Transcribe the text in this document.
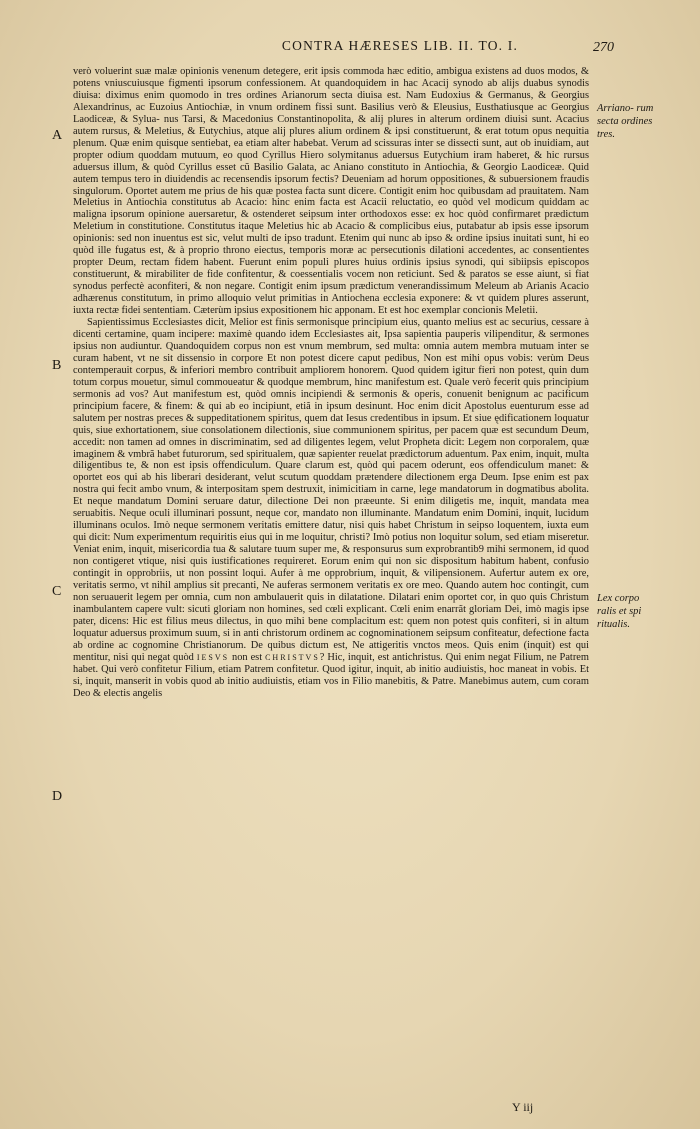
CONTRA HÆRESES LIB. II. TO. I.	270
A
B
C
D
Arriano- rum secta ordines tres.
Lex corpo ralis et spi ritualis.

verò voluerint suæ malæ opinionis venenum detegere, erit ipsis commoda hæc editio, ambigua existens ad duos modos, & potens vniuscuiusque figmenti ipsorum confessionem. At quandoquidem in hac Acacij synodo ab alijs duabus synodis diuisa: diximus enim quomodo in tres ordines Arianorum secta diuisa est. Nam Eudoxius & Germanus, & Georgius Alexandrinus, ac Euzoius Antiochiæ, in vnum ordinem fissi sunt. Basilius verò & Eleusius, Eusthatiusque ac Georgius Laodiceæ, & Sylua- nus Tarsi, & Macedonius Constantinopolita, & alij plures in alterum ordinem diuisi sunt. Acacius autem rursus, & Meletius, & Eutychius, atque alij plures alium ordinem & ipsi constituerunt, & erat totum opus nequitia plenum. Quæ enim quisque sentiebat, ea etiam alter habebat. Verum ad scissuras inter se dissecti sunt, aut ob inuidiam, aut propter odium quoddam mutuum, eo quod Cyrillus Hiero solymitanus aduersus Eutychium iram haberet, & hic rursus aduersus illum, & quòd Cyrillus esset cũ Basilio Galata, ac Aniano constituto in Antiochia, & Georgio Laodiceæ. Quid autem tempus tero in diuidendis ac recensendis ipsorum fectis? Deueniam ad horum oppositiones, & subuersionem fraudis singulorum. Oportet autem me prius de his quæ postea facta sunt dicere. Contigit enim hoc quibusdam ad prauitatem. Nam Meletius in Antiochia constitutus ab Acacio: hinc enim facta est Acacii reluctatio, eo quòd vel modicum quiddam ac maligna ipsorum opinione auersaretur, & ostenderet seipsum inter orthodoxos esse: ex hoc quòd confirmaret prædictum Meletium in constitutione. Constitutus itaque Meletius hic ab Acacio & complicibus eius, putabatur ab ipsis esse ipsorum opinionis: sed non inuentus est sic, velut multi de ipso tradunt. Etenim qui nunc ab ipso & ordine ipsius inuitati sunt, hi eo quòd ille fugatus est, & à proprio throno eiectus, temporis moræ ac persecutionis dilationi accedentes, ac consentientes propter Deum, rectam fidem habent. Fuerunt enim populi plures huius ordinis ipsius synodi, qui sibiipsis episcopos constituerunt, & mirabiliter de fide confitentur, & coessentialis vocem non reticiunt. Sed & paratos se esse aiunt, si fiat synodus perfectè aconfiteri, & non negare. Contigit enim ipsum prædictum venerandissimum Meleum ab Arianis Acacio adhærenus constitutum, in primo alloquio velut primitias in Antiochena ecclesia exponere: & vt quidem plures asserunt, iuxta rectæ fidei sententiam. Cæterùm ipsius expositionem hic apponam. Et est hoc exemplar concionis Meletii.

Sapientissimus Ecclesiastes dicit, Melior est finis sermonisque principium eius, quanto melius est ac securius, cessare à dicenti certamine, quam incipere: maximè quando idem Ecclesiastes ait, Ipsa sapientia pauperis vilipenditur, & sermones ipsius non audiuntur. Quandoquidem corpus non est vnum membrum, sed multa: omnia autem membra mutuam inter se curam habent, vt ne sit dissensio in corpore Et non potest dicere caput pedibus, Non est mihi opus vobis: verùm Deus contemperauit corpus, & inferiori membro contribuit ampliorem honorem. Quod quidem igitur fieri non potest, quin dum totum corpus mouetur, simul commoueatur & quodque membrum, hinc manifestum est. Quale verò fecerit quis principium sermonis ad vos? Aut manifestum est, quòd omnis incipiendi & sermonis & operis, conuenit benignum ac pacificum principium facere, & finem: & qui ab eo incipiunt, etiã in ipsum desinunt. Hoc enim dicit Apostolus euenturum esse ad salutem per nostras preces & suppeditationem spiritus, quem dat Iesus credentibus in ipsum. Et siue ędificationem loquatur quis, siue exhortationem, siue consolationem dilectionis, siue communionem spiritus, per pacem quæ est secundum Deum, accedit: non tamen ad omnes in discriminatim, sed ad diligentes legem, velut Propheta dicit: Legem non corporalem, quæ imaginem & vmbrã habet futurorum, sed spiritualem, quæ sapienter reuelat prædictorum aduentum. Pax enim, inquit, multa diligentibus te, & non est ipsis offendiculum. Quare clarum est, quòd qui pacem oderunt, eos offendiculum manet: & oportet eos qui ab his liberari desiderant, velut scutum quoddam prætendere dilectionem erga Deum. Ipse enim est pax nostra qui fecit ambo vnum, & interpositam spem destruxit, inimicitiam in carne, lege mandatorum in dogmatibus abolita. Et neque mandatum Domini seruare datur, dilectione Dei non præeunte. Si enim diligetis me, inquit, mandata mea seruabitis. Neque oculi illuminari possunt, neque cor, mandato non illuminante. Mandatum enim Domini, inquit, lucidum illuminans oculos. Imò neque sermonem veritatis emittere datur, nisi quis habet Christum in seipso loquentem, iuxta eum qui dicit: Num experimentum requiritis eius qui in me loquitur, christi? Imò potius non loquitur solum, sed etiam miseretur. Veniat enim, inquit, misericordia tua & salutare tuum super me, & responsurus sum exprobrantib9 mihi sermonem, id quod non contigeret vtique, nisi quis iustificationes requireret. Eorum enim qui non sic dispositum habitum habent, confusio contingit in opprobriis, ut non possint loqui. Aufer à me opprobrium, inquit, & vilipensionem. Aufertur autem ex ore, veritatis sermo, vt nihil amplius sit precanti, Ne auferas sermonem veritatis ex ore meo. Quando autem hoc contingit, cum non seruauerit legem per omnia, cum non ambulauerit quis in dilatatione. Dilatari enim oportet cor, in quo quis Christum inambulantem capere vult: sicuti gloriam non homines, sed cœli explicant. Cœli enim enarrãt gloriam Dei, imò magis ipse pater, dicens: Hic est filius meus dilectus, in quo mihi bene complacitum est: quem non potest quis confiteri, si in altum loquatur aduersus proximum suum, si in anti christorum ordinem ac cognominationem seipsum confiteatur, defectione facta ab ordine ac cognomine Christianorum. De quibus dictum est, Ne attigeritis vnctos meos. Quis enim (inquit) est qui mentitur, nisi qui negat quòd IESVS non est CHRISTVS? Hic, inquit, est antichristus. Qui enim negat Filium, ne Patrem habet. Qui verò confitetur Filium, etiam Patrem confitetur. Quod igitur, inquit, ab initio audiuistis, hoc maneat in vobis. Et si, inquit, manserit in vobis quod ab initio audiuistis, etiam vos in Filio manebitis, & Patre. Manebimus autem, cum coram Deo & electis angelis

Y iij
